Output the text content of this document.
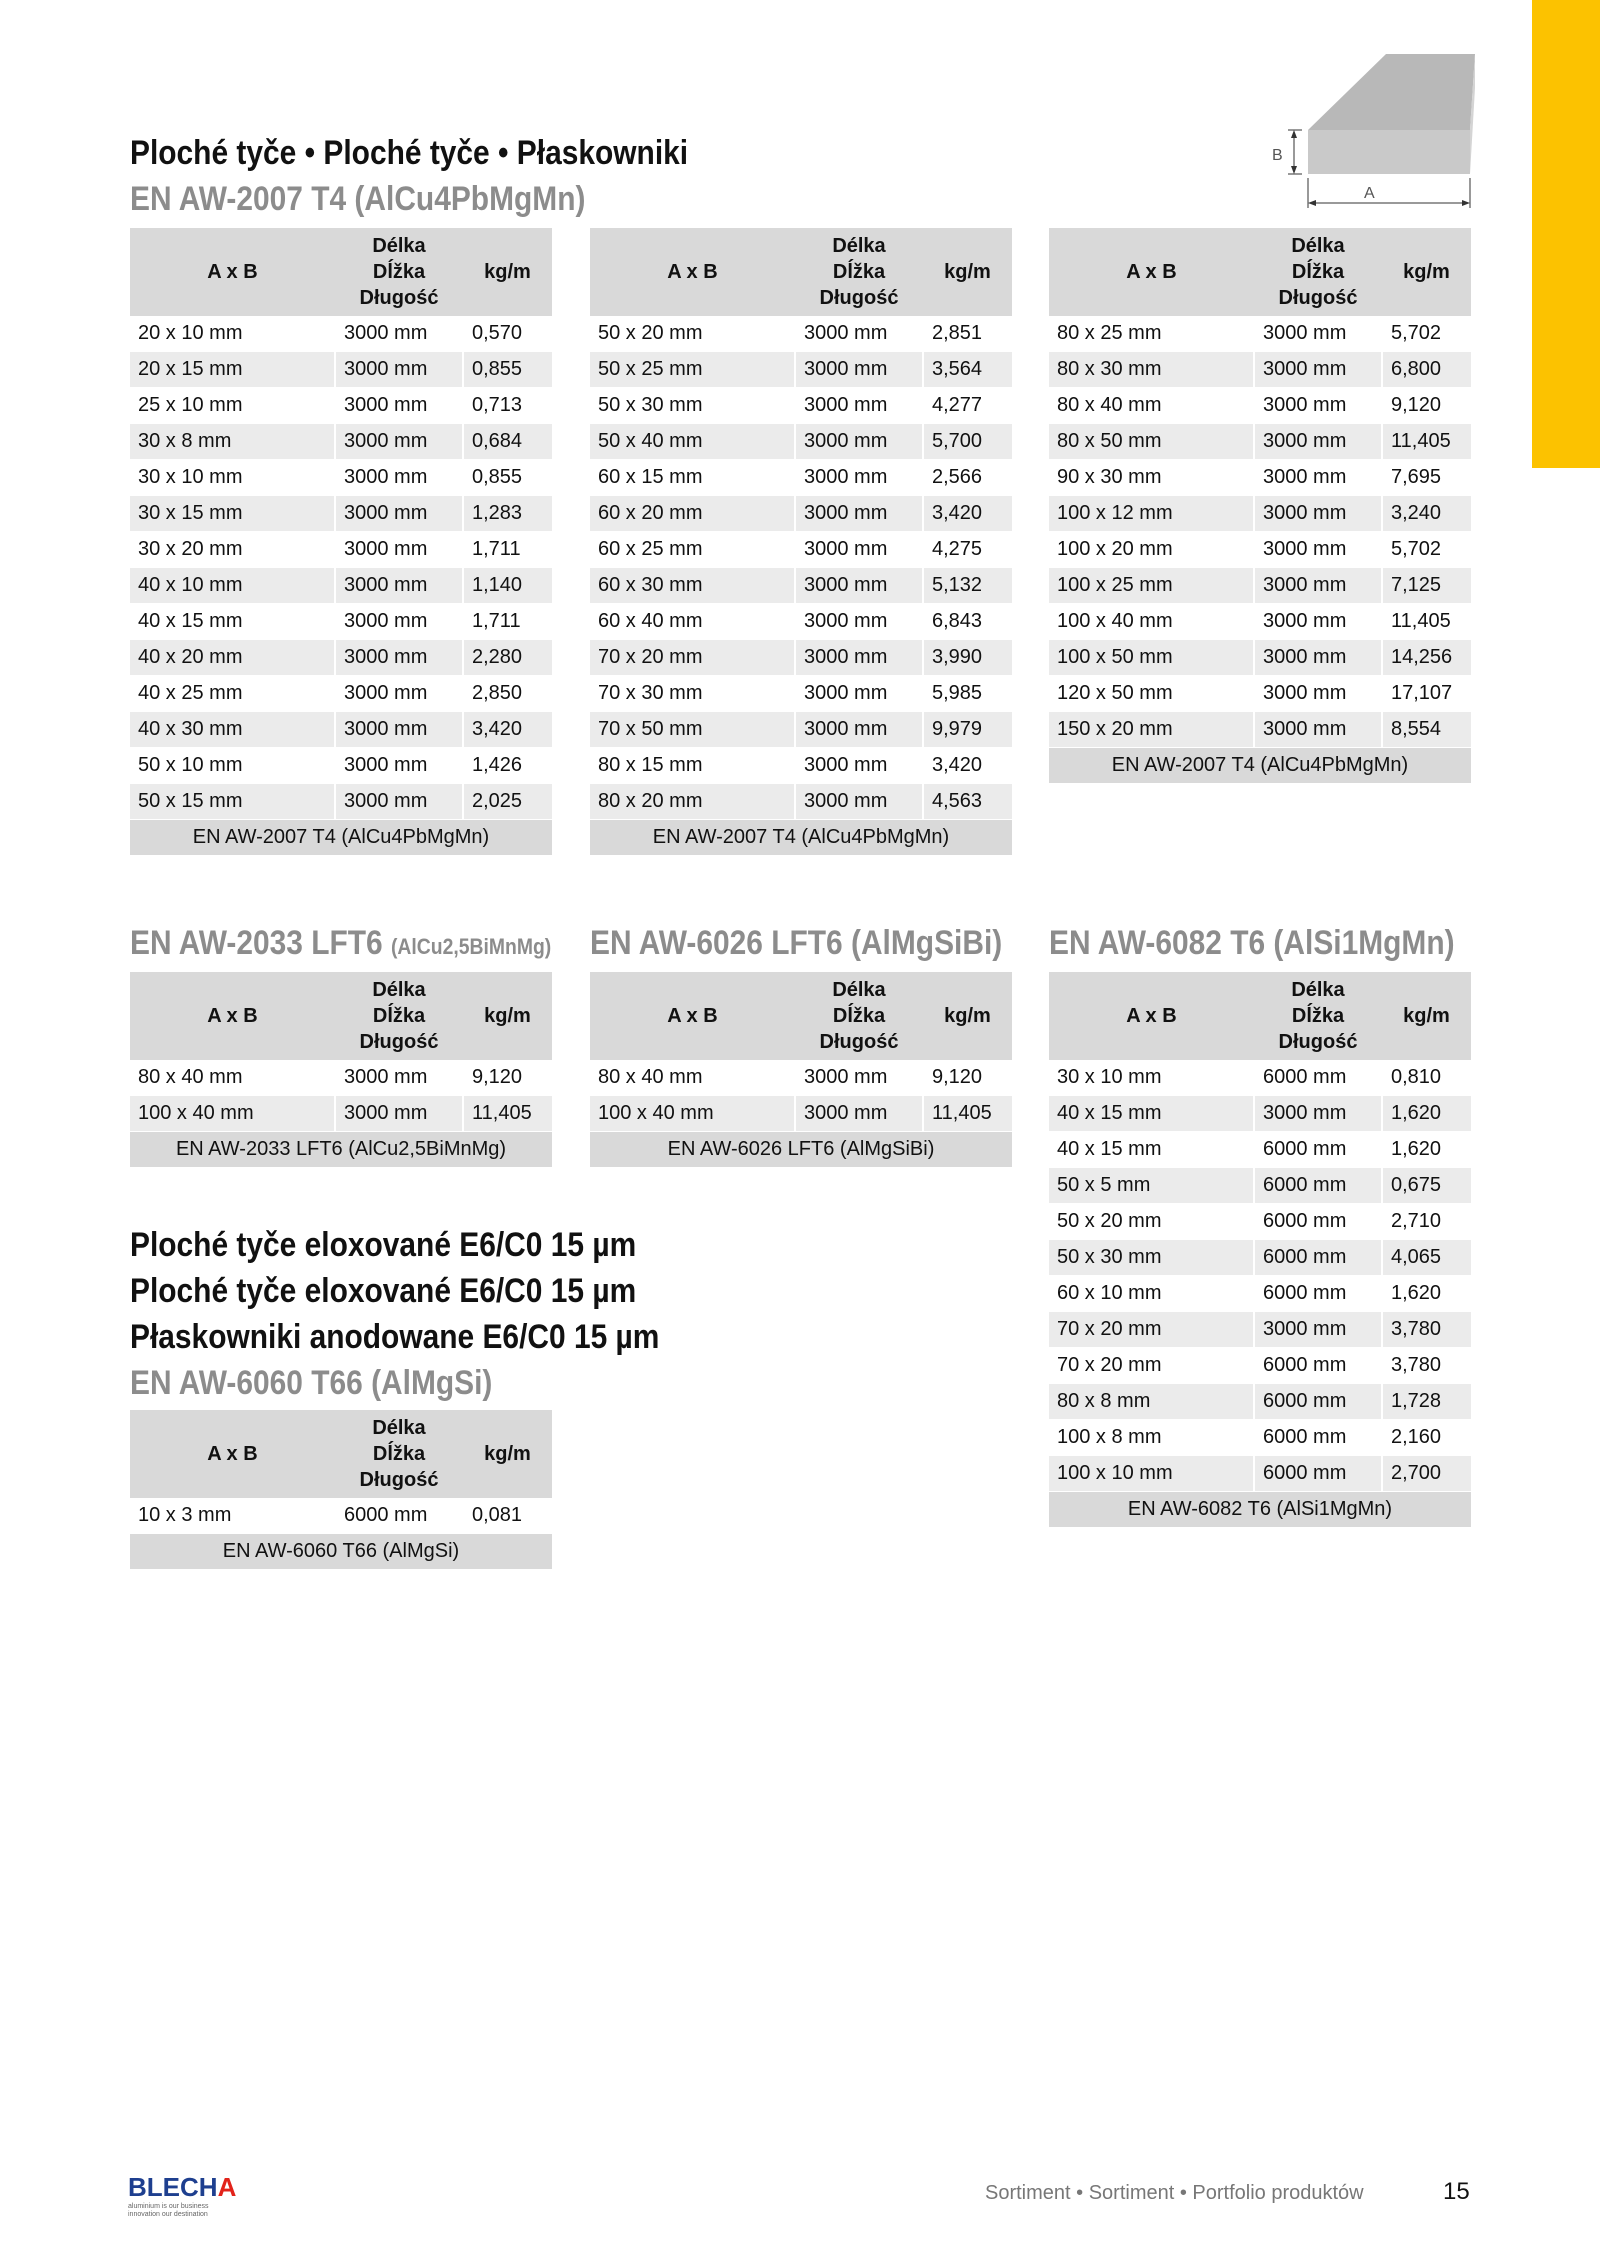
Ploché tyče • Ploché tyče • Płaskowniki
EN AW-2007 T4 (AlCu4PbMgMn)
B
A
EN AW-2033 LFT6 (AlCu2,5BiMnMg) EN AW-6026 LFT6 (AlMgSiBi) EN AW-6082 T6 (AlSi1MgMn)
Ploché tyče eloxované E6/C0 15 µm
Ploché tyče eloxované E6/C0 15 µm
Płaskowniki anodowane E6/C0 15 µm
EN AW-6060 T66 (AlMgSi)
A x B	Délka
Dĺžka
Długość	kg/m
20 x 10 mm	3000 mm	0,570
20 x 15 mm	3000 mm	0,855
25 x 10 mm	3000 mm	0,713
30 x 8 mm	3000 mm	0,684
30 x 10 mm	3000 mm	0,855
30 x 15 mm	3000 mm	1,283
30 x 20 mm	3000 mm	1,711
40 x 10 mm	3000 mm	1,140
40 x 15 mm	3000 mm	1,711
40 x 20 mm	3000 mm	2,280
40 x 25 mm	3000 mm	2,850
40 x 30 mm	3000 mm	3,420
50 x 10 mm	3000 mm	1,426
50 x 15 mm	3000 mm	2,025
EN AW-2007 T4 (AlCu4PbMgMn)		
A x B	Délka
Dĺžka
Długość	kg/m
50 x 20 mm	3000 mm	2,851
50 x 25 mm	3000 mm	3,564
50 x 30 mm	3000 mm	4,277
50 x 40 mm	3000 mm	5,700
60 x 15 mm	3000 mm	2,566
60 x 20 mm	3000 mm	3,420
60 x 25 mm	3000 mm	4,275
60 x 30 mm	3000 mm	5,132
60 x 40 mm	3000 mm	6,843
70 x 20 mm	3000 mm	3,990
70 x 30 mm	3000 mm	5,985
70 x 50 mm	3000 mm	9,979
80 x 15 mm	3000 mm	3,420
80 x 20 mm	3000 mm	4,563
EN AW-2007 T4 (AlCu4PbMgMn)		
A x B	Délka
Dĺžka
Długość	kg/m
80 x 25 mm	3000 mm	5,702
80 x 30 mm	3000 mm	6,800
80 x 40 mm	3000 mm	9,120
80 x 50 mm	3000 mm	11,405
90 x 30 mm	3000 mm	7,695
100 x 12 mm	3000 mm	3,240
100 x 20 mm	3000 mm	5,702
100 x 25 mm	3000 mm	7,125
100 x 40 mm	3000 mm	11,405
100 x 50 mm	3000 mm	14,256
120 x 50 mm	3000 mm	17,107
150 x 20 mm	3000 mm	8,554
EN AW-2007 T4 (AlCu4PbMgMn)		
A x B	Délka
Dĺžka
Długość	kg/m
80 x 40 mm	3000 mm	9,120
100 x 40 mm	3000 mm	11,405
EN AW-2033 LFT6 (AlCu2,5BiMnMg)		
A x B	Délka
Dĺžka
Długość	kg/m
80 x 40 mm	3000 mm	9,120
100 x 40 mm	3000 mm	11,405
EN AW-6026 LFT6 (AlMgSiBi)		
A x B	Délka
Dĺžka
Długość	kg/m
30 x 10 mm	6000 mm	0,810
40 x 15 mm	3000 mm	1,620
40 x 15 mm	6000 mm	1,620
50 x 5 mm	6000 mm	0,675
50 x 20 mm	6000 mm	2,710
50 x 30 mm	6000 mm	4,065
60 x 10 mm	6000 mm	1,620
70 x 20 mm	3000 mm	3,780
70 x 20 mm	6000 mm	3,780
80 x 8 mm	6000 mm	1,728
100 x 8 mm	6000 mm	2,160
100 x 10 mm	6000 mm	2,700
EN AW-6082 T6 (AlSi1MgMn)		
A x B	Délka
Dĺžka
Długość	kg/m
10 x 3 mm	6000 mm	0,081
EN AW-6060 T66 (AlMgSi)		
BLECHA
aluminium is our business
innovation our destination
Sortiment • Sortiment • Portfolio produktów	15
